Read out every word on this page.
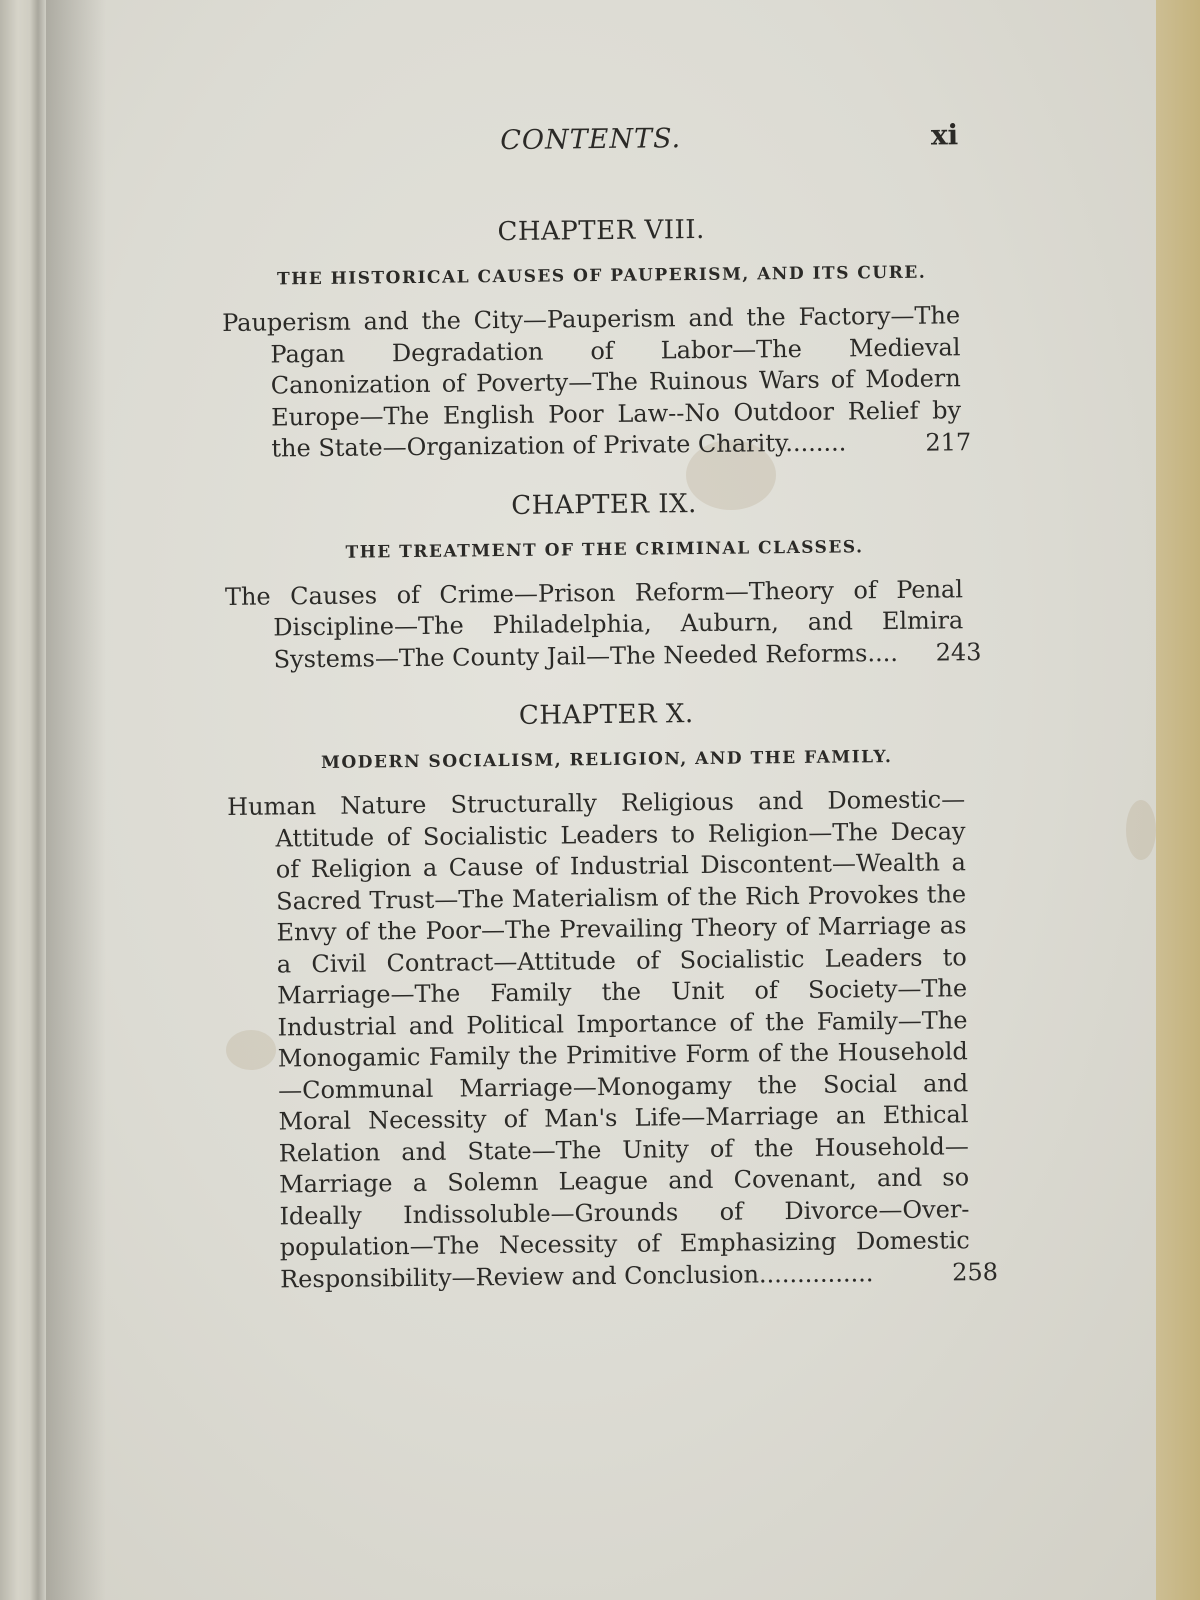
CONTENTS.	xi
CHAPTER VIII.
THE HISTORICAL CAUSES OF PAUPERISM, AND ITS CURE.
Pauperism and the City—Pauperism and the Factory—The Pagan Degradation of Labor—The Medieval Canonization of Poverty—The Ruinous Wars of Modern Europe—The English Poor Law--No Outdoor Relief by the State—Organization of Private Charity........	217
CHAPTER IX.
THE TREATMENT OF THE CRIMINAL CLASSES.
The Causes of Crime—Prison Reform—Theory of Penal Discipline—The Philadelphia, Auburn, and Elmira Systems—The County Jail—The Needed Reforms....	243
CHAPTER X.
MODERN SOCIALISM, RELIGION, AND THE FAMILY.
Human Nature Structurally Religious and Domestic—Attitude of Socialistic Leaders to Religion—The Decay of Religion a Cause of Industrial Discontent—Wealth a Sacred Trust—The Materialism of the Rich Provokes the Envy of the Poor—The Prevailing Theory of Marriage as a Civil Contract—Attitude of Socialistic Leaders to Marriage—The Family the Unit of Society—The Industrial and Political Importance of the Family—The Monogamic Family the Primitive Form of the Household—Communal Marriage—Monogamy the Social and Moral Necessity of Man's Life—Marriage an Ethical Relation and State—The Unity of the Household—Marriage a Solemn League and Covenant, and so Ideally Indissoluble—Grounds of Divorce—Over-population—The Necessity of Emphasizing Domestic Responsibility—Review and Conclusion...............	258
